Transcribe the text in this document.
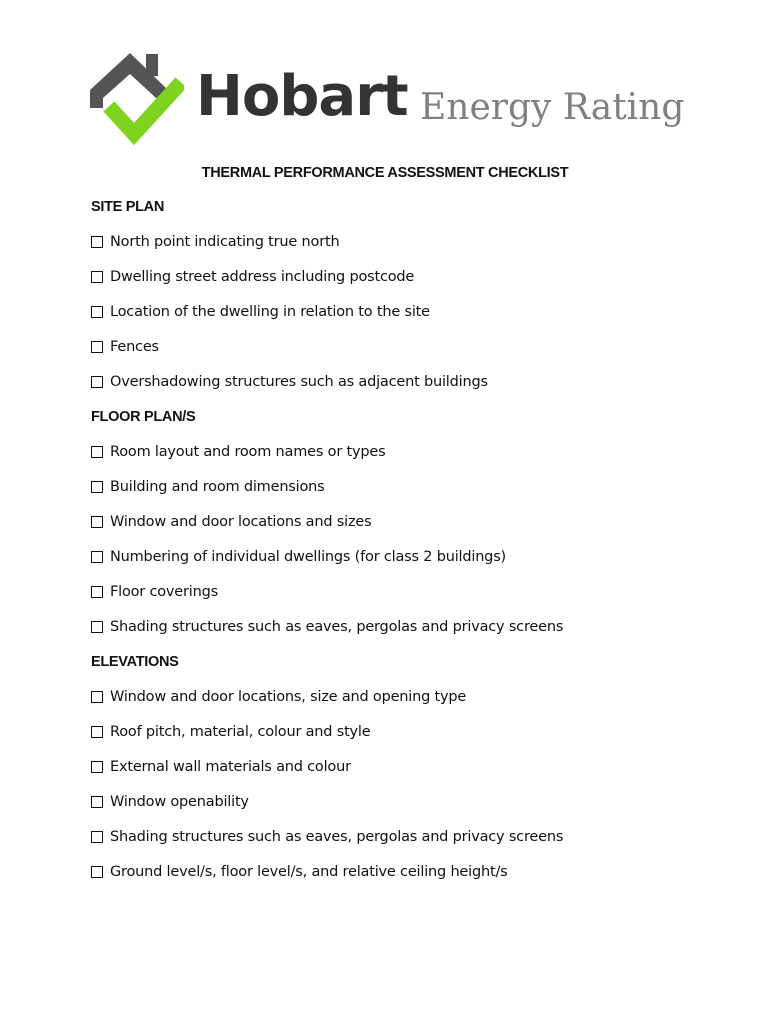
Hobart Energy Rating
THERMAL PERFORMANCE ASSESSMENT CHECKLIST
SITE PLAN
North point indicating true north
Dwelling street address including postcode
Location of the dwelling in relation to the site
Fences
Overshadowing structures such as adjacent buildings
FLOOR PLAN/S
Room layout and room names or types
Building and room dimensions
Window and door locations and sizes
Numbering of individual dwellings (for class 2 buildings)
Floor coverings
Shading structures such as eaves, pergolas and privacy screens
ELEVATIONS
Window and door locations, size and opening type
Roof pitch, material, colour and style
External wall materials and colour
Window openability
Shading structures such as eaves, pergolas and privacy screens
Ground level/s, floor level/s, and relative ceiling height/s
